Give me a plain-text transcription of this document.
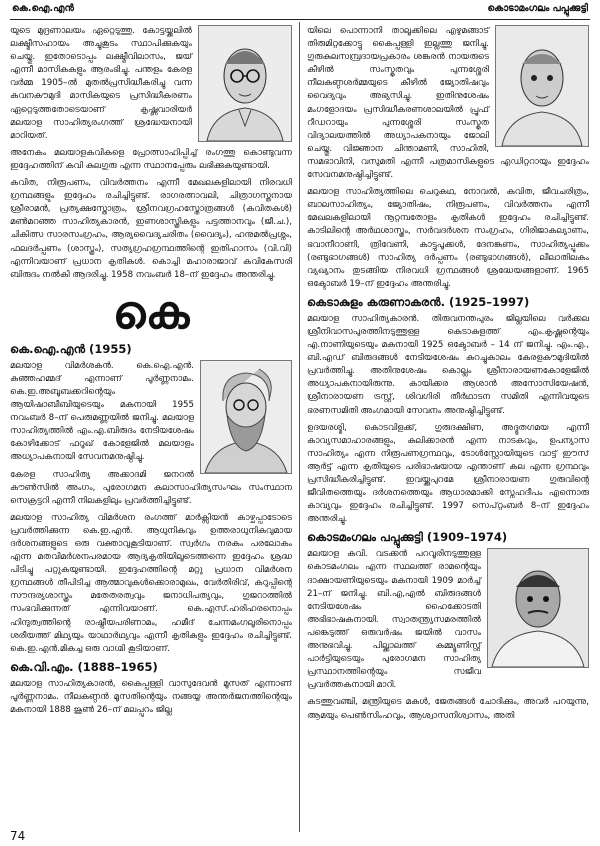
കെ.ഐ.എൻ	കൊടാമംഗലം പപ്പുക്കുട്ടി

യുടെ മുദ്രണാലയം ഏറ്റെടുത്തു. കോട്ടയ്ക്കലിൽ ലക്ഷ്മീസഹായം അച്ചുകൂടം സ്ഥാപിക്കുകയും ചെയ്തു. ഇതോടൊപ്പം ലക്ഷ്മീവിലാസം, ജയ് എന്നീ മാസികകളും ആരംഭിച്ചു. പന്തളം കേരള വർമ്മ 1905–ൽ മുതൽപ്രസിദ്ധീകരിച്ചു വന്ന കവനകൗമുദി മാസികയുടെ പ്രസിദ്ധീകരണം ഏറ്റെടുത്തതോടെയാണ് കൃഷ്ണവാരിയർ മലയാള സാഹിത്യരംഗത്ത് ശ്രദ്ധേയനായി മാറിയത്.

അനേകം മലയാളകവികളെ പ്രോത്സാഹിപ്പിച്ച് രംഗത്തു കൊണ്ടുവന്ന ഇദ്ദേഹത്തിന് കവി കുലഗുരു എന്ന സ്ഥാനപ്പേരും ലഭിക്കുകയുണ്ടായി.

കവിത, നിരൂപണം, വിവർത്തനം എന്നീ മേഖലകളിലായി നിരവധി ഗ്രന്ഥങ്ങളും ഇദ്ദേഹം രചിച്ചിട്ടുണ്ട്. രാഗരത്നാവലി, ചിത്രാഗസ്തനായ ശ്രീരാമൻ, പ്രത്യക്ഷസ്തോത്രം, ശ്രീനവഗ്രഹസ്തോത്രങ്ങൾ (കവിതകൾ) മൺമറഞ്ഞ സാഹിത്യകാരൻ, ഇണശാസ്ത്രികളും പട്ടത്താനവും (ജീ.ച.), ചികിത്സ സാരസംഗ്രഹം, ആര്യവൈദ്യചരിതം (വൈദ്യം), ഹനുമൽപ്രശ്നം, ഫലദർപ്പണം (ശാസ്ത്രം), സത്യഗ്രഹഗ്രന്ഥത്തിന്റെ ഇതിഹാസം (വി.വി) എന്നിവയാണ് പ്രധാന കൃതികൾ. കൊച്ചി മഹാരാജാവ് കവികേസരി ബിരുദം നൽകി ആദരിച്ചു. 1958 നവംബർ 18–ന് ഇദ്ദേഹം അന്തരിച്ചു.

കെ
കെ.ഐ.എൻ (1955)

മലയാള വിമർശകൻ. കെ.ഐ.എൻ. കുഞ്ഞഹമ്മദ് എന്നാണ് പൂർണ്ണനാമം. കെ.ഇ.അബൂബക്കറിന്റെയും ആയിഷാബീബിയുടെയും മകനായി 1955 നവംബർ 8–ന് പെരുമണ്ണയിൽ ജനിച്ചു. മലയാള സാഹിത്യത്തിൽ എം.എ.ബിരുദം നേടിയശേഷം കോഴിക്കോട് ഫറൂഖ് കോളേജിൽ മലയാളം അധ്യാപകനായി സേവനമനുഷ്ഠിച്ചു.

കേരള സാഹിത്യ അക്കാദമി ജനറൽ കൗൺസിൽ അംഗം, പുരോഗമന കലാസാഹിത്യസംഘം സംസ്ഥാന സെക്രട്ടറി എന്നീ നിലകളിലും പ്രവർത്തിച്ചിട്ടുണ്ട്.

മലയാള സാഹിത്യ വിമർശന രംഗത്ത് മാർക്സിയൻ കാഴ്ചപ്പാടോടെ പ്രവർത്തിക്കുന്ന കെ.ഇ.എൻ. ആധുനികവും ഉത്തരാധുനികവുമായ ദർശനങ്ങളുടെ ഒരു വക്താവുകൂടിയാണ്. സ്വർഗം നരകം പരലോകം എന്ന മതവിമർശനപരമായ ആദ്യകൃതിയിലൂടെത്തന്നെ ഇദ്ദേഹം ശ്രദ്ധ പിടിച്ചു പറ്റുകയുണ്ടായി. ഇദ്ദേഹത്തിന്റെ മറ്റു പ്രധാന വിമർശന ഗ്രന്ഥങ്ങൾ തീപിടിച്ച ആത്മാവുകൾക്കൊരാമുഖം, വേർതിരിവ്, കറുപ്പിന്റെ സൗന്ദര്യശാസ്ത്രം മതേതരത്വവും ജനാധിപത്യവും, ഗുജറാത്തിൽ സംഭവിക്കുന്നത് എന്നിവയാണ്. കെ.എസ്.ഹരിഹരനൊപ്പം ഹിന്ദുത്വത്തിന്റെ രാഷ്ട്രീയപരിണാമം, ഹമീദ് ചേന്നമംഗലൂരിനൊപ്പം ശരീയത്ത് മിഥ്യയും യാഥാർഥ്യവും എന്നീ കൃതികളും ഇദ്ദേഹം രചിച്ചിട്ടുണ്ട്. കെ.ഇ.എൻ.മികച്ച ഒരു വാഗ്മി കൂടിയാണ്.

കെ.വി.എം. (1888–1965)

മലയാള സാഹിത്യകാരൻ, കൈപ്പള്ളി വാസുദേവൻ മൂസത് എന്നാണ് പൂർണ്ണനാമം. നീലകണ്ഠൻ മൂസതിന്റെയും നങ്ങയ്യ അന്തർജനത്തിന്റെയും മകനായി 1888 ജൂൺ 26–ന് മലപ്പുറം ജില്ല

യിലെ പൊന്നാനി താലൂക്കിലെ എഴുമങ്ങാട് തിരുമിറ്റക്കോട്ടു കൈപ്പള്ളി ഇല്ലത്തു ജനിച്ചു. ഗുരുകുലസമ്പ്രദായപ്രകാരം ശങ്കരൻ നായരുടെ കീഴിൽ സംസ്കൃതവും പുന്നശ്ശേരി നീലകണ്ഠശർമ്മയുടെ കീഴിൽ ജ്യോതിഷവും വൈദ്യവും അഭ്യസിച്ചു. ഇതിനുശേഷം മംഗളോദയം പ്രസിദ്ധീകരണശാലയിൽ പ്രൂഫ് റീഡറായും പുന്നശ്ശേരി സംസ്കൃത വിദ്യാലയത്തിൽ അധ്യാപകനായും ജോലി ചെയ്തു. വിജ്ഞാന ചിന്താമണി, സാഹിതി, സമഭാവിനി, വസുമതി എന്നീ പത്രമാസികളുടെ എഡിറ്ററായും ഇദ്ദേഹം സേവനമനുഷ്ഠിച്ചിട്ടുണ്ട്.

മലയാള സാഹിത്യത്തിലെ ചെറുകഥ, നോവൽ, കവിത, ജീവചരിത്രം, ബാലസാഹിത്യം, ജ്യോതിഷം, നിരൂപണം, വിവർത്തനം എന്നീ മേഖലകളിലായി നൂറ്റമ്പതോളം കൃതികൾ ഇദ്ദേഹം രചിച്ചിട്ടുണ്ട്. കാടിലിന്റെ അർഥശാസ്ത്രം, സർവദർശന സംഗ്രഹം, ഗിരിജാകല്യാണം, ഭവാനീറാണി, ത്രിവേണി, കാട്ടുപൂക്കൾ, ദേനങ്കണം, സാഹിത്യപ്പൂക്കം (രണ്ടുഭാഗങ്ങൾ) സാഹിത്യ ദർപ്പണം (രണ്ടുഭാഗങ്ങൾ), ലീലാതിലകം വ്യഖ്യാനം തുടങ്ങിയ നിരവധി ഗ്രന്ഥങ്ങൾ ശ്രദ്ധേയങ്ങളാണ്. 1965 ഒക്ടോബർ 19–ന് ഇദ്ദേഹം അന്തരിച്ചു.

കെടാകുളം കരുണാകരൻ. (1925–1997)

മലയാള സാഹിത്യകാരൻ. തിരുവനന്തപുരം ജില്ലയിലെ വർക്കല ശ്രീനിവാസപുരത്തിനടുത്തുള്ള കെടാകുളത്ത് എം.കൃഷ്ണന്റെയും എ.നാണിയുടെയും മകനായി 1925 ഒക്ടോബർ – 14 ന് ജനിച്ചു. എം.എ., ബി.എഡ് ബിരുദങ്ങൾ നേടിയശേഷം കുറച്ചുകാലം കേരളകൗമുദിയിൽ പ്രവർത്തിച്ചു. അതിനുശേഷം കൊല്ലം ശ്രീനാരായണകോളേജിൽ അധ്യാപകനായിരുന്നു. കായിക്കര ആശാൻ അസോസിയേഷൻ, ശ്രീനാരായണ ട്രസ്റ്റ്, ശിവഗിരി തീർഥാടന സമിതി എന്നിവയുടെ ഭരണസമിതി അംഗമായി സേവനം അനുഷ്ഠിച്ചിട്ടുണ്ട്.

ഉദയരശ്മി, കൊടവിളക്ക്, ഗുരുദക്ഷിണ, അദ്ഭുതഗമയ എന്നീ കാവ്യസമാഹാരങ്ങളും, കുലിക്കാരൻ എന്ന നാടകവും, ഉപന്യാസ സാഹിത്യം എന്ന നിരൂപണഗ്രന്ഥവും, ടോൾസ്റ്റോയിയുടെ വാട്ട് ഈസ് ആർട്ട് എന്ന കൃതിയുടെ പരിഭാഷയായ എന്താണ് കല എന്ന ഗ്രന്ഥവും പ്രസിദ്ധീകരിച്ചിട്ടുണ്ട്. ഇവയ്ക്കുപുറമേ ശ്രീനാരായണ ഗുരുവിന്റെ ജീവിതത്തെയും ദർശനത്തെയും ആധാരമാക്കി സ്നേഹദീപം എന്നൊരു കാവ്യവും ഇദ്ദേഹം രചിച്ചിട്ടുണ്ട്. 1997 സെപ്റ്റംബർ 8–ന് ഇദ്ദേഹം അന്തരിച്ചു.

കൊടമംഗലം പപ്പുക്കുട്ടി (1909–1974)

മലയാള കവി. വടക്കൻ പറവൂരിനടുത്തുള്ള കൊടമംഗലം എന്ന സ്ഥലത്ത് രാമന്റെയും ദാക്ഷായണിയുടെയും മകനായി 1909 മാർച്ച് 21–ന് ജനിച്ചു. ബി.എ,എൽ ബിരുദങ്ങൾ നേടിയശേഷം ഹൈക്കോടതി അഭിഭാഷകനായി. സ്വാതന്ത്ര്യസമരത്തിൽ പങ്കെടുത്ത് ഒരുവർഷം ജയിൽ വാസം അനുഭവിച്ചു. പില്ക്കാലത്ത് കമ്മ്യൂണിസ്റ്റ് പാർട്ടിയുടെയും പുരോഗമന സാഹിത്യ പ്രസ്ഥാനത്തിന്റെയും സജീവ പ്രവർത്തകനായി മാറി.

കടത്തുവഞ്ചി, മന്ത്രിയുടെ മകൾ, ജേതങ്ങൾ ചോദിക്കും, അവർ പറയുന്നു, ആമയും പെൺസിംഹവും, ആശ്വാസനിശ്വാസം, അതി

74
